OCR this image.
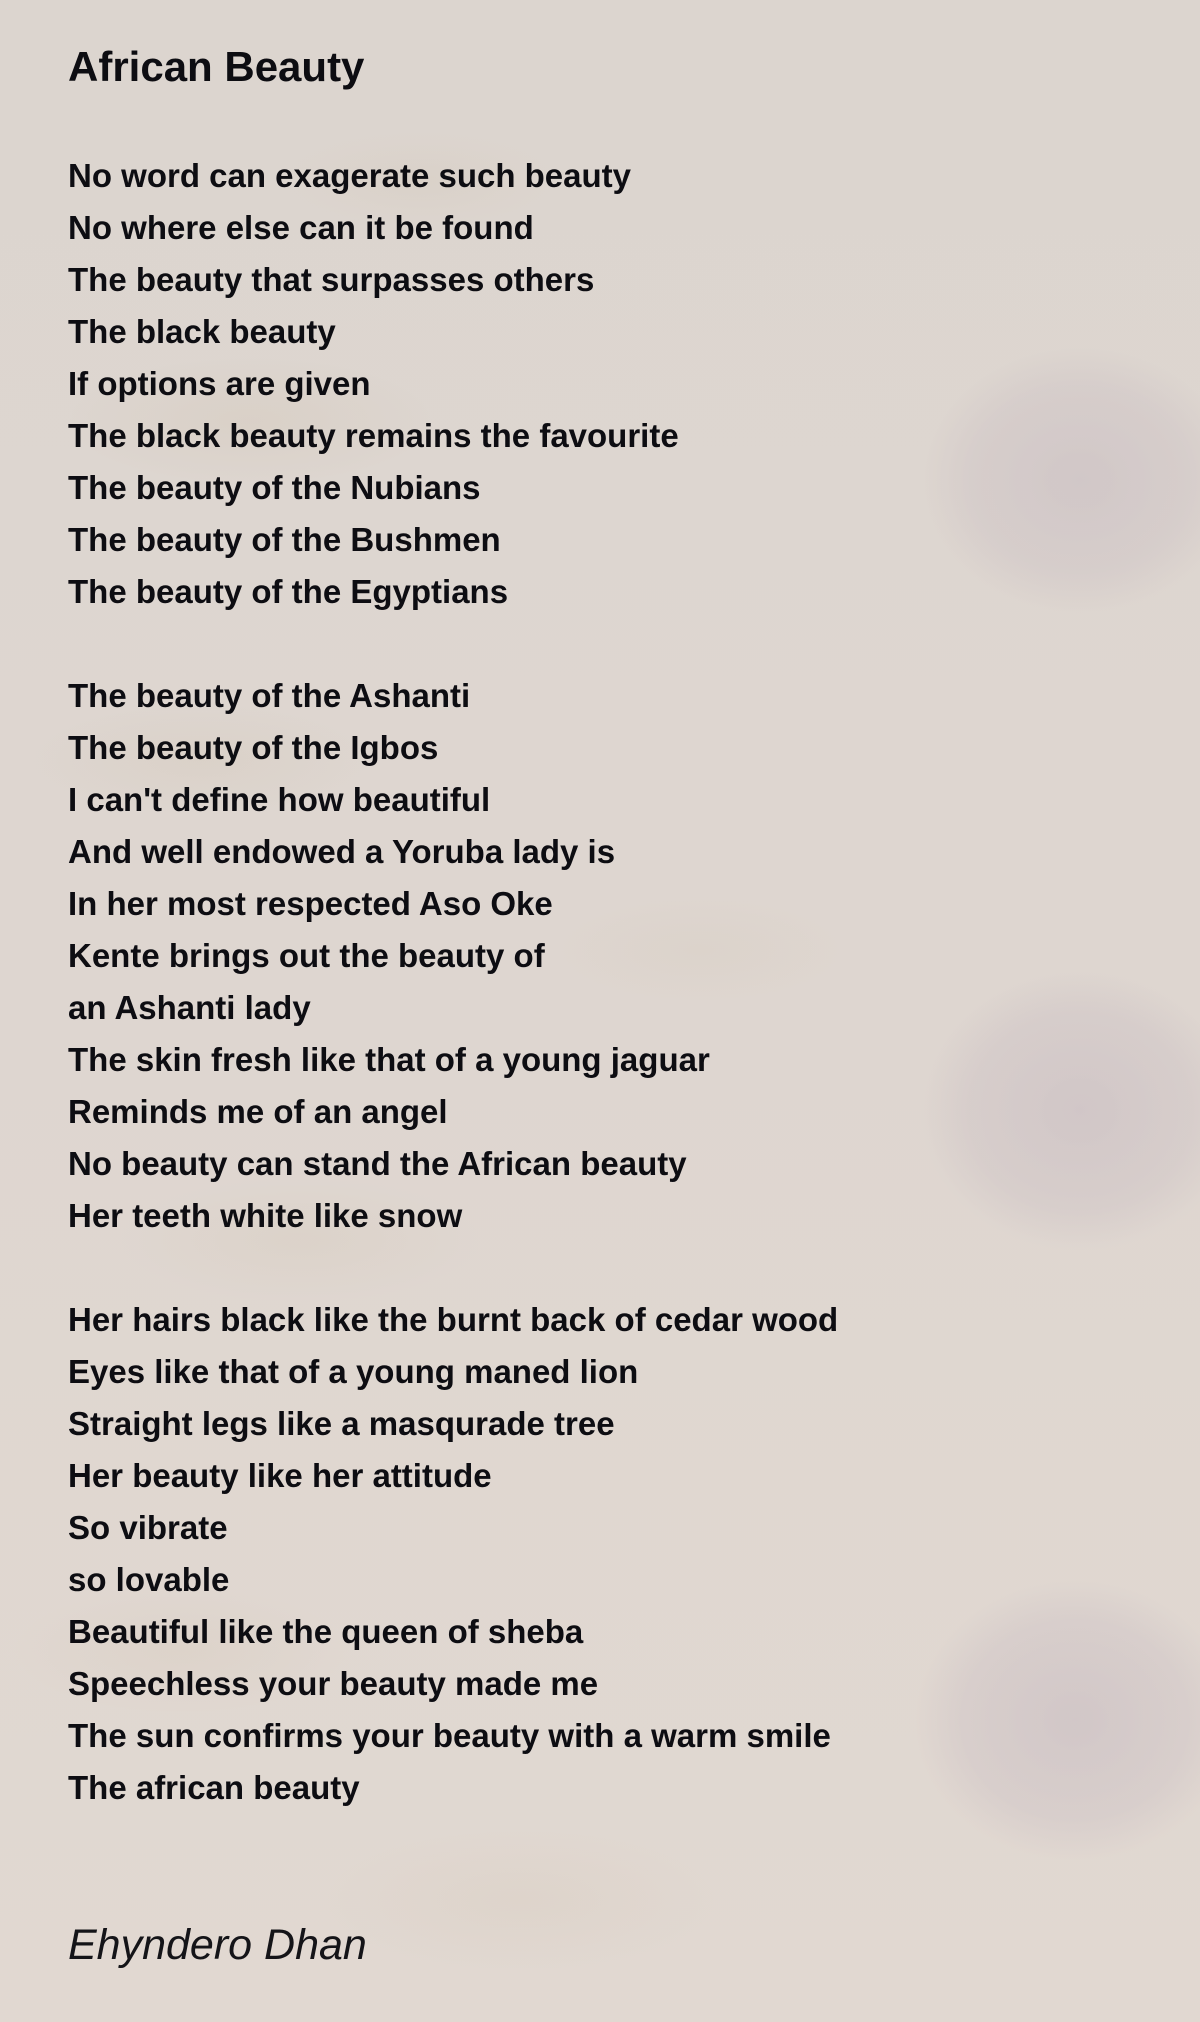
African Beauty
No word can exagerate such beauty
No where else can it be found
The beauty that surpasses others
The black beauty
If options are given
The black beauty remains the favourite
The beauty of the Nubians
The beauty of the Bushmen
The beauty of the Egyptians
The beauty of the Ashanti
The beauty of the Igbos
I can't define how beautiful
And well endowed a Yoruba lady is
In her most respected Aso Oke
Kente brings out the beauty of
an Ashanti lady
The skin fresh like that of a young jaguar
Reminds me of an angel
No beauty can stand the African beauty
Her teeth white like snow
Her hairs black like the burnt back of cedar wood
Eyes like that of a young maned lion
Straight legs like a masqurade tree
Her beauty like her attitude
So vibrate
so lovable
Beautiful like the queen of sheba
Speechless your beauty made me
The sun confirms your beauty with a warm smile
The african beauty
Ehyndero Dhan
